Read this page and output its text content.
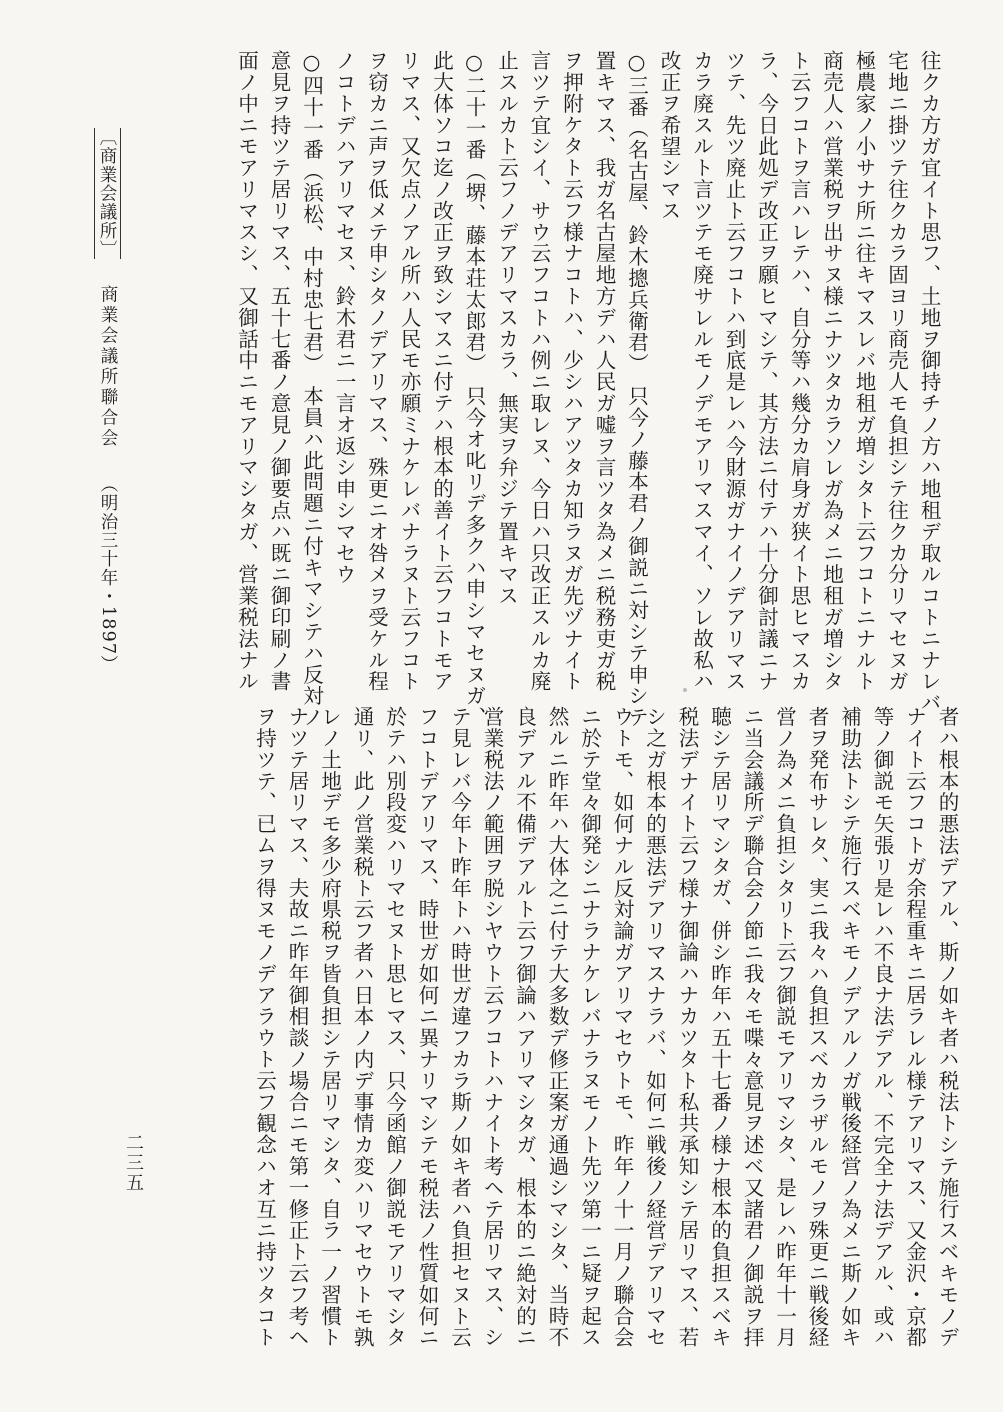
往クカ方ガ宜イト思フ、土地ヲ御持チノ方ハ地租デ取ルコトニナレバ
宅地ニ掛ツテ往クカラ固ヨリ商売人モ負担シテ往クカ分リマセヌガ
極農家ノ小サナ所ニ往キマスレバ地租ガ増シタト云フコトニナルト
商売人ハ営業税ヲ出サヌ様ニナツタカラソレガ為メニ地租ガ増シタ
ト云フコトヲ言ハレテハ、自分等ハ幾分カ肩身ガ狭イト思ヒマスカ
ラ、今日此処デ改正ヲ願ヒマシテ、其方法ニ付テハ十分御討議ニナ
ツテ、先ツ廃止ト云フコトハ到底是レハ今財源ガナイノデアリマス
カラ廃スルト言ツテモ廃サレルモノデモアリマスマイ、ソレ故私ハ
改正ヲ希望シマス
○三番（名古屋、鈴木摠兵衛君）　只今ノ藤本君ノ御説ニ対シテ申シテ
置キマス、我ガ名古屋地方デハ人民ガ嘘ヲ言ツタ為メニ税務吏ガ税
ヲ押附ケタト云フ様ナコトハ、少シハアツタカ知ラヌガ先ヅナイト
言ツテ宜シイ、サウ云フコトハ例ニ取レヌ、今日ハ只改正スルカ廃
止スルカト云フノデアリマスカラ、無実ヲ弁ジテ置キマス
○二十一番（堺、藤本荘太郎君）　只今オ叱リデ多クハ申シマセヌガ、
此大体ソコ迄ノ改正ヲ致シマスニ付テハ根本的善イト云フコトモア
リマス、又欠点ノアル所ハ人民モ亦願ミナケレバナラヌト云フコト
ヲ窃カニ声ヲ低メテ申シタノデアリマス、殊更ニオ咎メヲ受ケル程
ノコトデハアリマセヌ、鈴木君ニ一言オ返シ申シマセウ
○四十一番（浜松、中村忠七君）　本員ハ此問題ニ付キマシテハ反対ノ
意見ヲ持ツテ居リマス、五十七番ノ意見ノ御要点ハ既ニ御印刷ノ書
面ノ中ニモアリマスシ、又御話中ニモアリマシタガ、営業税法ナル
者ハ根本的悪法デアル、斯ノ如キ者ハ税法トシテ施行スベキモノデ
ナイト云フコトガ余程重キニ居ラレル様テアリマス、又金沢・京都
等ノ御説モ矢張リ是レハ不良ナ法デアル、不完全ナ法デアル、或ハ
補助法トシテ施行スベキモノデアルノガ戦後経営ノ為メニ斯ノ如キ
者ヲ発布サレタ、実ニ我々ハ負担スベカラザルモノヲ殊更ニ戦後経
営ノ為メニ負担シタリト云フ御説モアリマシタ、是レハ昨年十一月
ニ当会議所デ聯合会ノ節ニ我々モ喋々意見ヲ述ベ又諸君ノ御説ヲ拝
聴シテ居リマシタガ、併シ昨年ハ五十七番ノ様ナ根本的負担スベキ
税法デナイト云フ様ナ御論ハナカツタト私共承知シテ居リマス、若
シ之ガ根本的悪法デアリマスナラバ、如何ニ戦後ノ経営デアリマセ
ウトモ、如何ナル反対論ガアリマセウトモ、昨年ノ十一月ノ聯合会
ニ於テ堂々御発シニナラナケレバナラヌモノト先ツ第一ニ疑ヲ起ス
然ルニ昨年ハ大体之ニ付テ大多数デ修正案ガ通過シマシタ、当時不
良デアル不備デアルト云フ御論ハアリマシタガ、根本的ニ絶対的ニ
営業税法ノ範囲ヲ脱シヤウト云フコトハナイト考ヘテ居リマス、シ
テ見レバ今年ト昨年トハ時世ガ違フカラ斯ノ如キ者ハ負担セヌト云
フコトデアリマス、時世ガ如何ニ異ナリマシテモ税法ノ性質如何ニ
於テハ別段変ハリマセヌト思ヒマス、只今函館ノ御説モアリマシタ
通リ、此ノ営業税ト云フ者ハ日本ノ内デ事情カ変ハリマセウトモ孰
レノ土地デモ多少府県税ヲ皆負担シテ居リマシタ、自ラ一ノ習慣ト
ナツテ居リマス、夫故ニ昨年御相談ノ場合ニモ第一修正ト云フ考ヘ
ヲ持ツテ、已ムヲ得ヌモノデアラウト云フ観念ハオ互ニ持ツタコト
〔商業会議所〕
商業会議所聯合会
（明治三十年・1897）
二三五
